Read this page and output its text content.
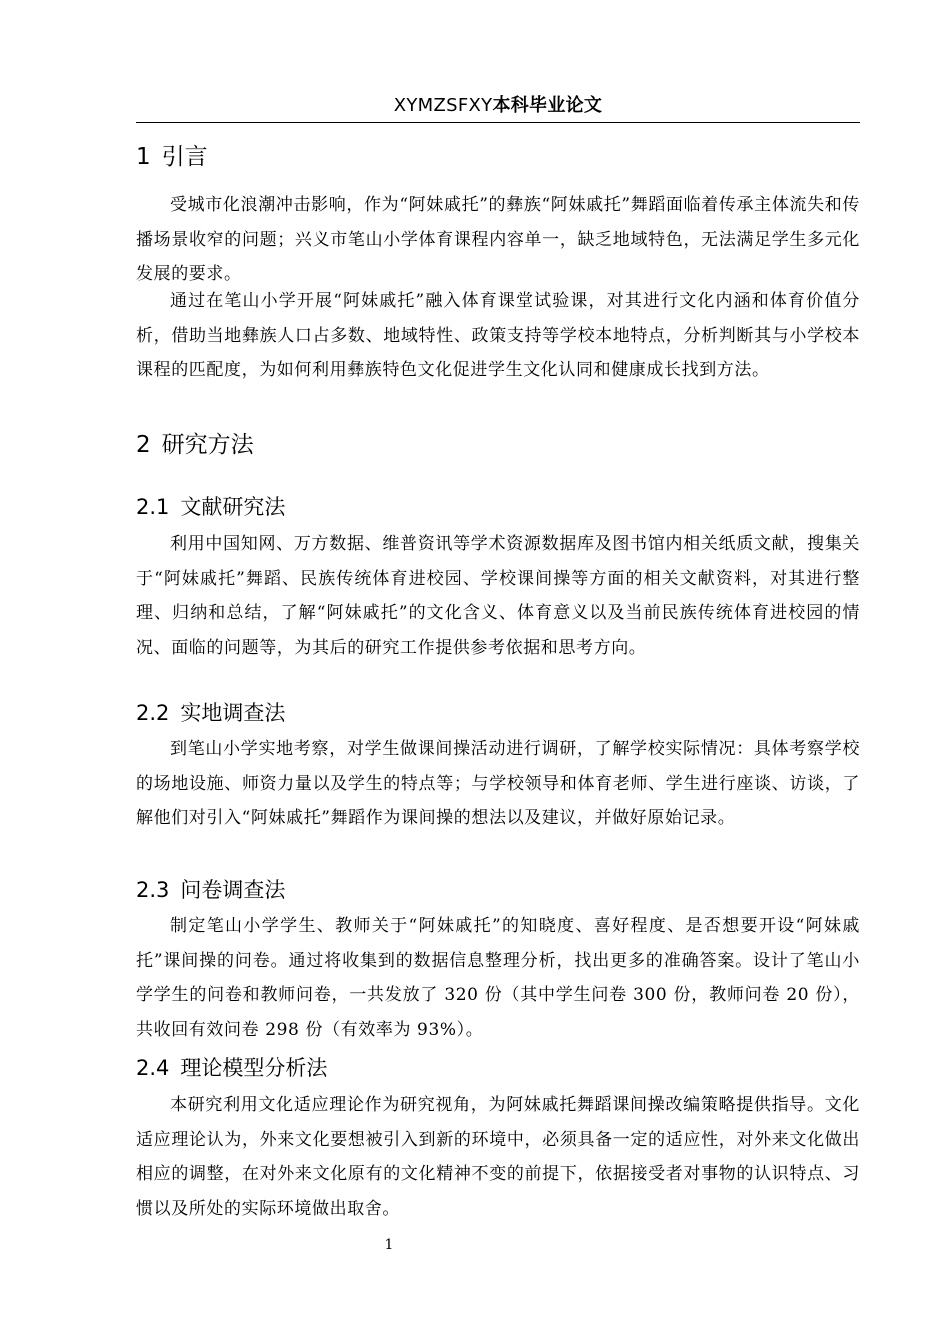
XYMZSFXY本科毕业论文
1 引言

受城市化浪潮冲击影响，作为“阿妹戚托”的彝族“阿妹戚托”舞蹈面临着传承主体流失和传播场景收窄的问题；兴义市笔山小学体育课程内容单一，缺乏地域特色，无法满足学生多元化发展的要求。

通过在笔山小学开展“阿妹戚托”融入体育课堂试验课，对其进行文化内涵和体育价值分析，借助当地彝族人口占多数、地域特性、政策支持等学校本地特点，分析判断其与小学校本课程的匹配度，为如何利用彝族特色文化促进学生文化认同和健康成长找到方法。

2 研究方法
2.1 文献研究法

利用中国知网、万方数据、维普资讯等学术资源数据库及图书馆内相关纸质文献，搜集关于“阿妹戚托”舞蹈、民族传统体育进校园、学校课间操等方面的相关文献资料，对其进行整理、归纳和总结，了解“阿妹戚托”的文化含义、体育意义以及当前民族传统体育进校园的情况、面临的问题等，为其后的研究工作提供参考依据和思考方向。

2.2 实地调查法

到笔山小学实地考察，对学生做课间操活动进行调研，了解学校实际情况：具体考察学校的场地设施、师资力量以及学生的特点等；与学校领导和体育老师、学生进行座谈、访谈，了解他们对引入“阿妹戚托”舞蹈作为课间操的想法以及建议，并做好原始记录。

2.3 问卷调查法

制定笔山小学学生、教师关于“阿妹戚托”的知晓度、喜好程度、是否想要开设“阿妹戚托”课间操的问卷。通过将收集到的数据信息整理分析，找出更多的准确答案。设计了笔山小学学生的问卷和教师问卷，一共发放了 320 份（其中学生问卷 300 份，教师问卷 20 份），共收回有效问卷 298 份（有效率为 93%）。

2.4 理论模型分析法

本研究利用文化适应理论作为研究视角，为阿妹戚托舞蹈课间操改编策略提供指导。文化适应理论认为，外来文化要想被引入到新的环境中，必须具备一定的适应性，对外来文化做出相应的调整，在对外来文化原有的文化精神不变的前提下，依据接受者对事物的认识特点、习惯以及所处的实际环境做出取舍。

1
